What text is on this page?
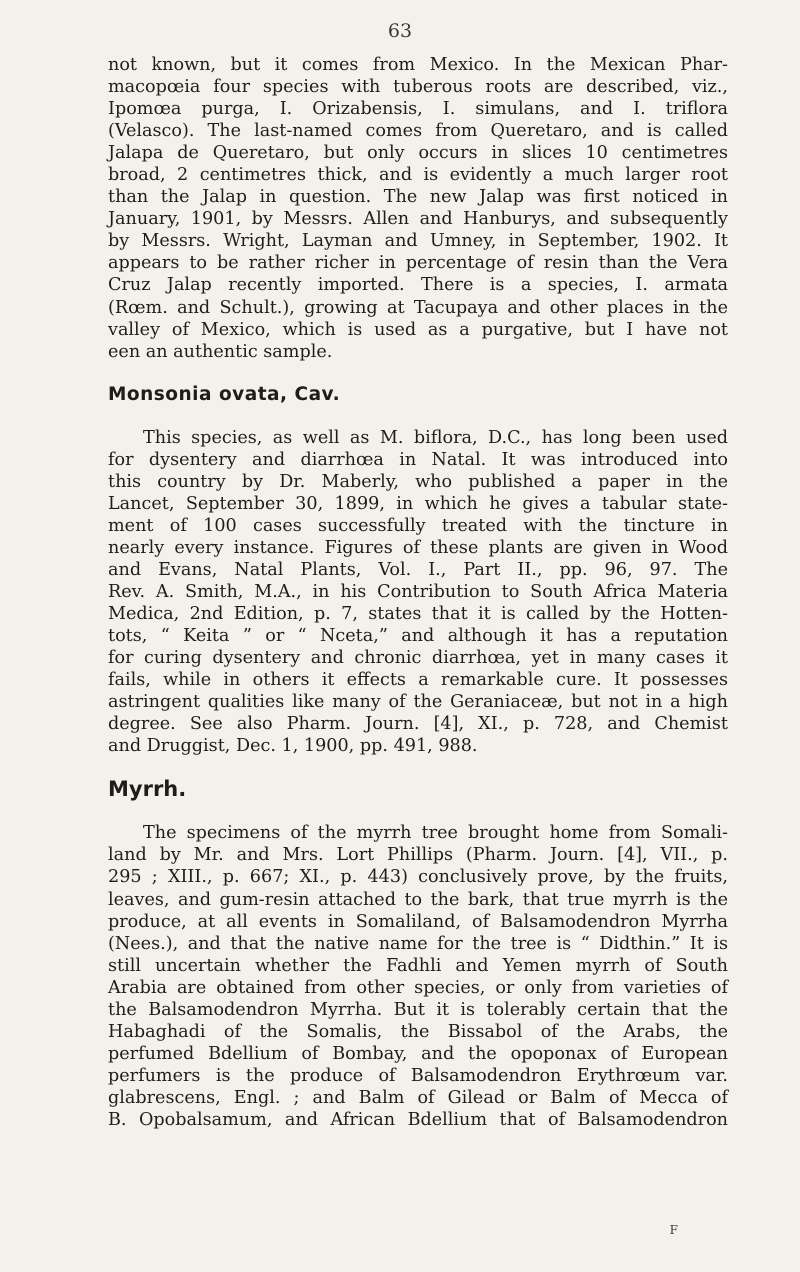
63
not known, but it comes from Mexico. In the Mexican Phar-
macopœia four species with tuberous roots are described, viz.,
Ipomœa purga, I. Orizabensis, I. simulans, and I. triflora
(Velasco). The last-named comes from Queretaro, and is called
Jalapa de Queretaro, but only occurs in slices 10 centimetres
broad, 2 centimetres thick, and is evidently a much larger root
than the Jalap in question. The new Jalap was first noticed in
January, 1901, by Messrs. Allen and Hanburys, and subsequently
by Messrs. Wright, Layman and Umney, in September, 1902. It
appears to be rather richer in percentage of resin than the Vera
Cruz Jalap recently imported. There is a species, I. armata
(Rœm. and Schult.), growing at Tacupaya and other places in the
valley of Mexico, which is used as a purgative, but I have not
een an authentic sample.
Monsonia ovata, Cav.
This species, as well as M. biflora, D.C., has long been used
for dysentery and diarrhœa in Natal. It was introduced into
this country by Dr. Maberly, who published a paper in the
Lancet, September 30, 1899, in which he gives a tabular state-
ment of 100 cases successfully treated with the tincture in
nearly every instance. Figures of these plants are given in Wood
and Evans, Natal Plants, Vol. I., Part II., pp. 96, 97. The
Rev. A. Smith, M.A., in his Contribution to South Africa Materia
Medica, 2nd Edition, p. 7, states that it is called by the Hotten-
tots, “ Keita ” or “ Nceta,” and although it has a reputation
for curing dysentery and chronic diarrhœa, yet in many cases it
fails, while in others it effects a remarkable cure. It possesses
astringent qualities like many of the Geraniaceæ, but not in a high
degree. See also Pharm. Journ. [4], XI., p. 728, and Chemist
and Druggist, Dec. 1, 1900, pp. 491, 988.
Myrrh.
The specimens of the myrrh tree brought home from Somali-
land by Mr. and Mrs. Lort Phillips (Pharm. Journ. [4], VII., p.
295 ; XIII., p. 667; XI., p. 443) conclusively prove, by the fruits,
leaves, and gum-resin attached to the bark, that true myrrh is the
produce, at all events in Somaliland, of Balsamodendron Myrrha
(Nees.), and that the native name for the tree is “ Didthin.” It is
still uncertain whether the Fadhli and Yemen myrrh of South
Arabia are obtained from other species, or only from varieties of
the Balsamodendron Myrrha. But it is tolerably certain that the
Habaghadi of the Somalis, the Bissabol of the Arabs, the
perfumed Bdellium of Bombay, and the opoponax of European
perfumers is the produce of Balsamodendron Erythrœum var.
glabrescens, Engl. ; and Balm of Gilead or Balm of Mecca of
B. Opobalsamum, and African Bdellium that of Balsamodendron
F
